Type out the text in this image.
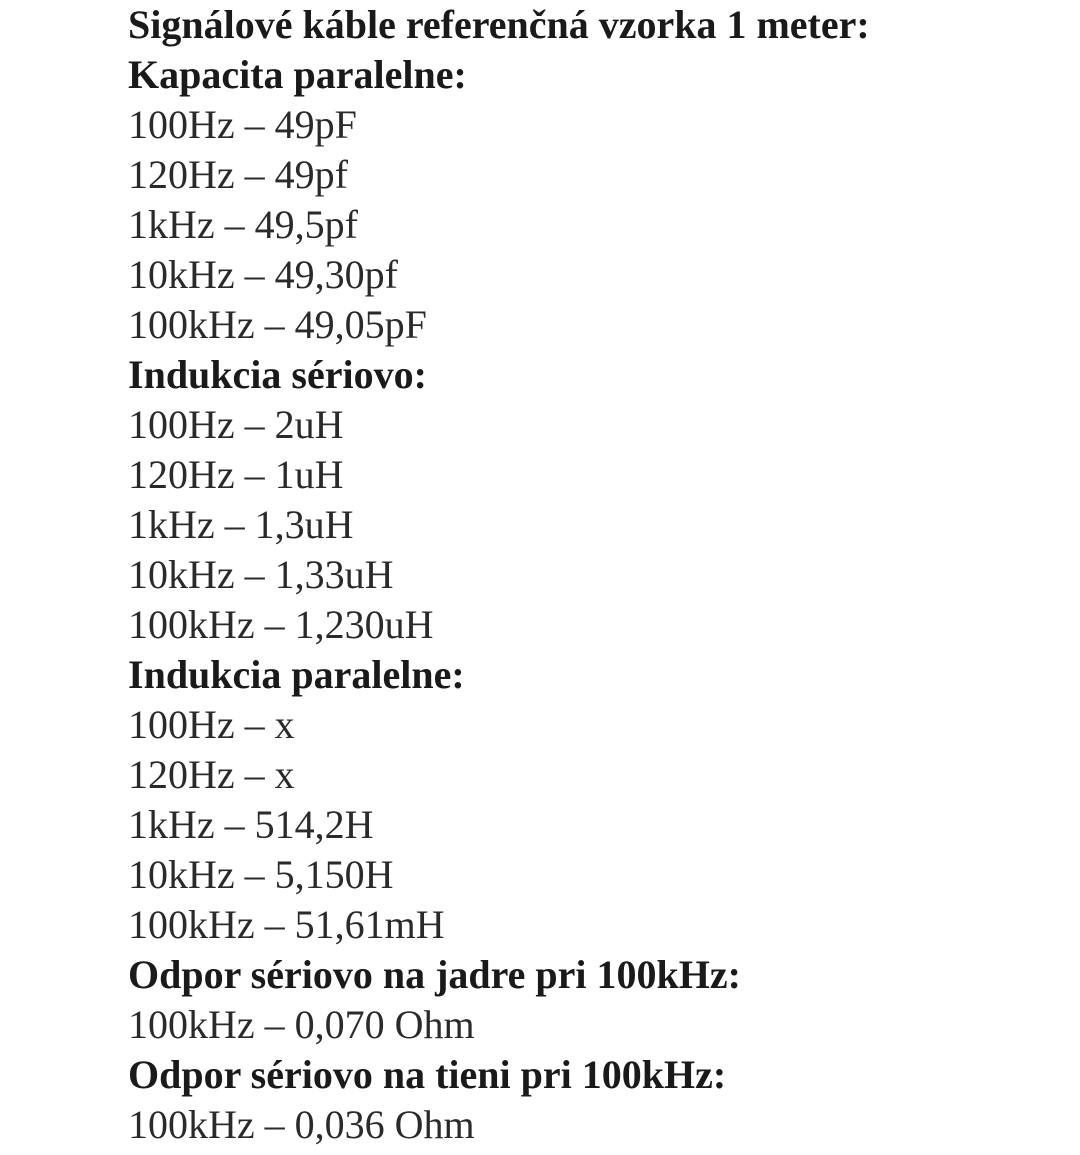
Signálové káble referenčná vzorka 1 meter:
Kapacita paralelne:
100Hz – 49pF
120Hz – 49pf
1kHz – 49,5pf
10kHz – 49,30pf
100kHz – 49,05pF
Indukcia sériovo:
100Hz – 2uH
120Hz – 1uH
1kHz – 1,3uH
10kHz – 1,33uH
100kHz – 1,230uH
Indukcia paralelne:
100Hz – x
120Hz – x
1kHz – 514,2H
10kHz – 5,150H
100kHz – 51,61mH
Odpor sériovo na jadre pri 100kHz:
100kHz – 0,070 Ohm
Odpor sériovo na tieni pri 100kHz:
100kHz – 0,036 Ohm
